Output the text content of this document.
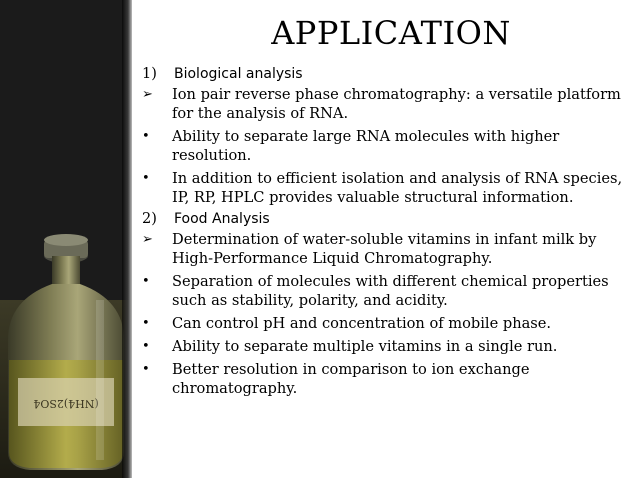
(NH4)2SO4
APPLICATION
1)	Biological analysis
➢	Ion pair reverse phase chromatography: a versatile platform for the analysis of RNA.
•	Ability to separate large RNA molecules with higher resolution.
•	In addition to efficient isolation and analysis of RNA species, IP, RP, HPLC provides valuable structural information.
2)	Food Analysis
➢	Determination of water-soluble vitamins in infant milk by High-Performance Liquid Chromatography.
•	Separation of molecules with different chemical properties such as stability, polarity, and acidity.
•	Can control pH and concentration of mobile phase.
•	Ability to separate multiple vitamins in a single run.
•	Better resolution in comparison to ion exchange chromatography.
